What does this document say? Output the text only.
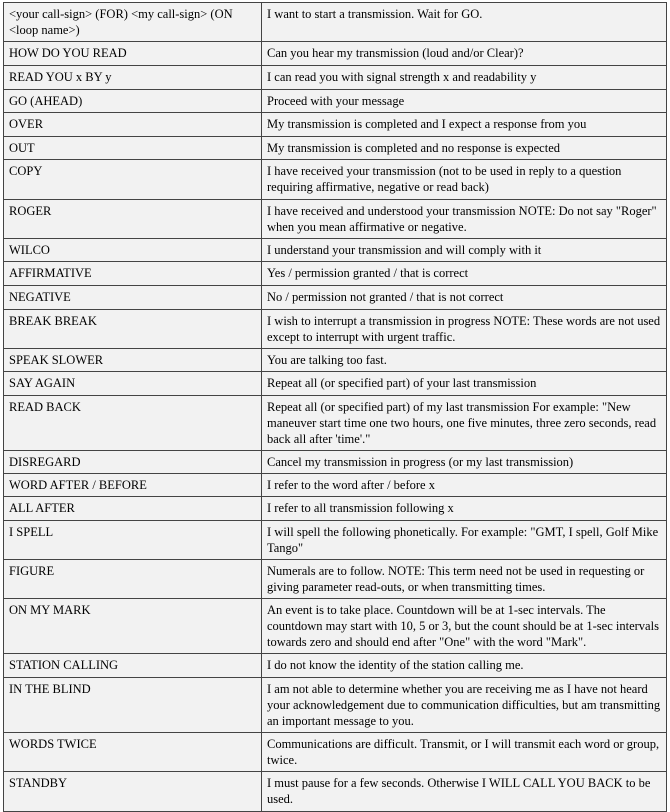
<your call-sign> (FOR) <my call-sign> (ON <loop name>)	I want to start a transmission. Wait for GO.
HOW DO YOU READ	Can you hear my transmission (loud and/or Clear)?
READ YOU x BY y	I can read you with signal strength x and readability y
GO (AHEAD)	Proceed with your message
OVER	My transmission is completed and I expect a response from you
OUT	My transmission is completed and no response is expected
COPY	I have received your transmission (not to be used in reply to a question requiring affirmative, negative or read back)
ROGER	I have received and understood your transmission NOTE: Do not say "Roger" when you mean affirmative or negative.
WILCO	I understand your transmission and will comply with it
AFFIRMATIVE	Yes / permission granted / that is correct
NEGATIVE	No / permission not granted / that is not correct
BREAK BREAK	I wish to interrupt a transmission in progress NOTE: These words are not used except to interrupt with urgent traffic.
SPEAK SLOWER	You are talking too fast.
SAY AGAIN	Repeat all (or specified part) of your last transmission
READ BACK	Repeat all (or specified part) of my last transmission For example: "New maneuver start time one two hours, one five minutes, three zero seconds, read back all after 'time'."
DISREGARD	Cancel my transmission in progress (or my last transmission)
WORD AFTER / BEFORE	I refer to the word after / before x
ALL AFTER	I refer to all transmission following x
I SPELL	I will spell the following phonetically. For example: "GMT, I spell, Golf Mike Tango"
FIGURE	Numerals are to follow. NOTE: This term need not be used in requesting or giving parameter read-outs, or when transmitting times.
ON MY MARK	An event is to take place. Countdown will be at 1-sec intervals. The countdown may start with 10, 5 or 3, but the count should be at 1-sec intervals towards zero and should end after "One" with the word "Mark".
STATION CALLING	I do not know the identity of the station calling me.
IN THE BLIND	I am not able to determine whether you are receiving me as I have not heard your acknowledgement due to communication difficulties, but am transmitting an important message to you.
WORDS TWICE	Communications are difficult. Transmit, or I will transmit each word or group, twice.
STANDBY	I must pause for a few seconds. Otherwise I WILL CALL YOU BACK to be used.
